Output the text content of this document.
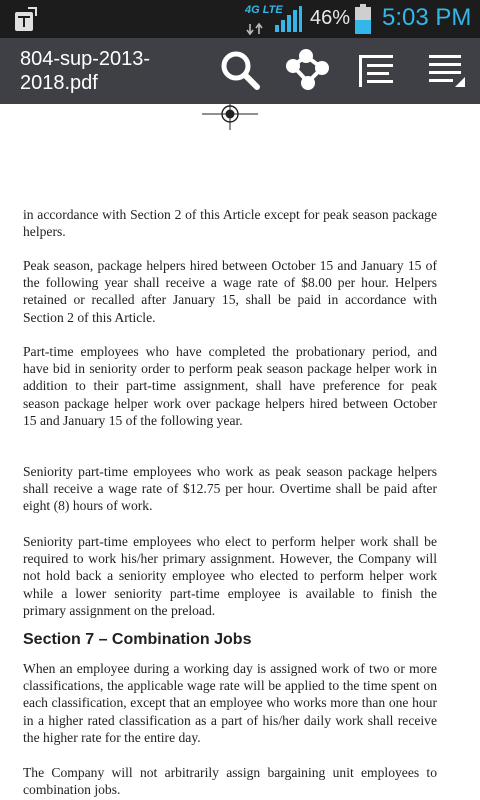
4G LTE 46% 5:03 PM
804-sup-2013-2018.pdf
in accordance with Section 2 of this Article except for peak season package helpers.
Peak season, package helpers hired between October 15 and January 15 of the following year shall receive a wage rate of $8.00 per hour. Helpers retained or recalled after January 15, shall be paid in accordance with Section 2 of this Article.
Part-time employees who have completed the probationary period, and have bid in seniority order to perform peak season package helper work in addition to their part-time assignment, shall have preference for peak season package helper work over package helpers hired between October 15 and January 15 of the following year.
Seniority part-time employees who work as peak season package helpers shall receive a wage rate of $12.75 per hour. Overtime shall be paid after eight (8) hours of work.
Seniority part-time employees who elect to perform helper work shall be required to work his/her primary assignment. However, the Company will not hold back a seniority employee who elected to perform helper work while a lower seniority part-time employee is available to finish the primary assignment on the preload.
Section 7 – Combination Jobs
When an employee during a working day is assigned work of two or more classifications, the applicable wage rate will be applied to the time spent on each classification, except that an employee who works more than one hour in a higher rated classification as a part of his/her daily work shall receive the higher rate for the entire day.
The Company will not arbitrarily assign bargaining unit employees to combination jobs.
